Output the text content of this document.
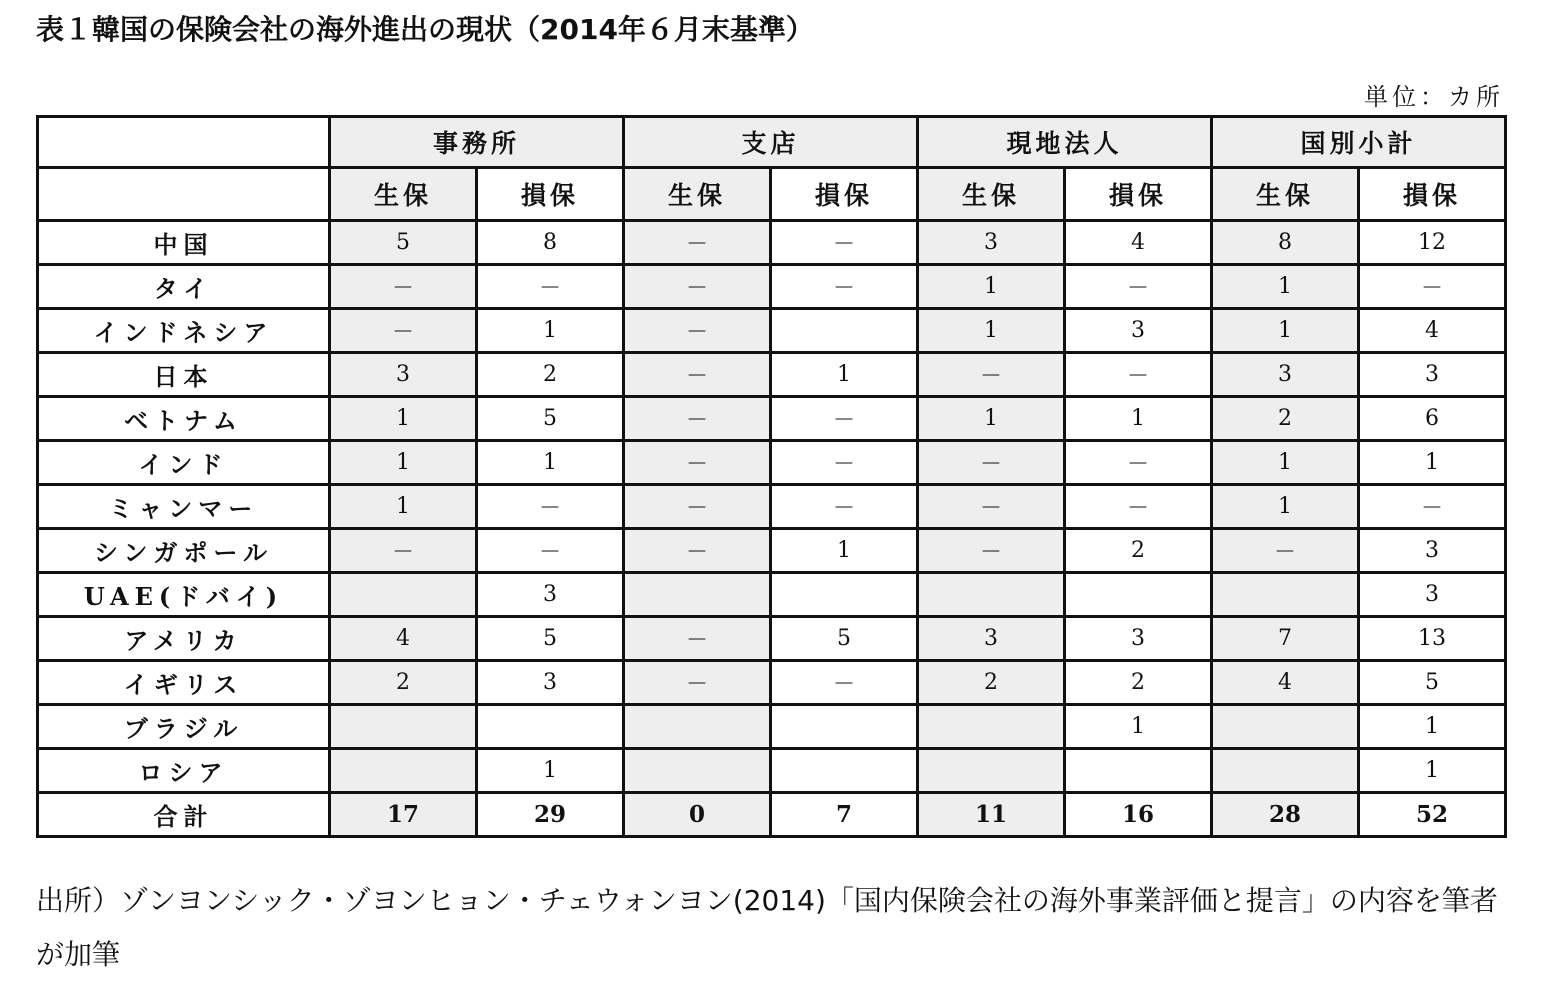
表１韓国の保険会社の海外進出の現状（2014年６月末基準）
単位：カ所
	事務所		支店		現地法人		国別小計	
	生保	損保	生保	損保	生保	損保	生保	損保
中国	5	8	－	－	3	4	8	12
タイ	－	－	－	－	1	－	1	－
インドネシア	－	1	－		1	3	1	4
日本	3	2	－	1	－	－	3	3
ベトナム	1	5	－	－	1	1	2	6
インド	1	1	－	－	－	－	1	1
ミャンマー	1	－	－	－	－	－	1	－
シンガポール	－	－	－	1	－	2	－	3
UAE(ドバイ)		3						3
アメリカ	4	5	－	5	3	3	7	13
イギリス	2	3	－	－	2	2	4	5
ブラジル						1		1
ロシア		1						1
合計	17	29	0	7	11	16	28	52
出所）ゾンヨンシック・ゾヨンヒョン・チェウォンヨン(2014)「国内保険会社の海外事業評価と提言」の内容を筆者が加筆
